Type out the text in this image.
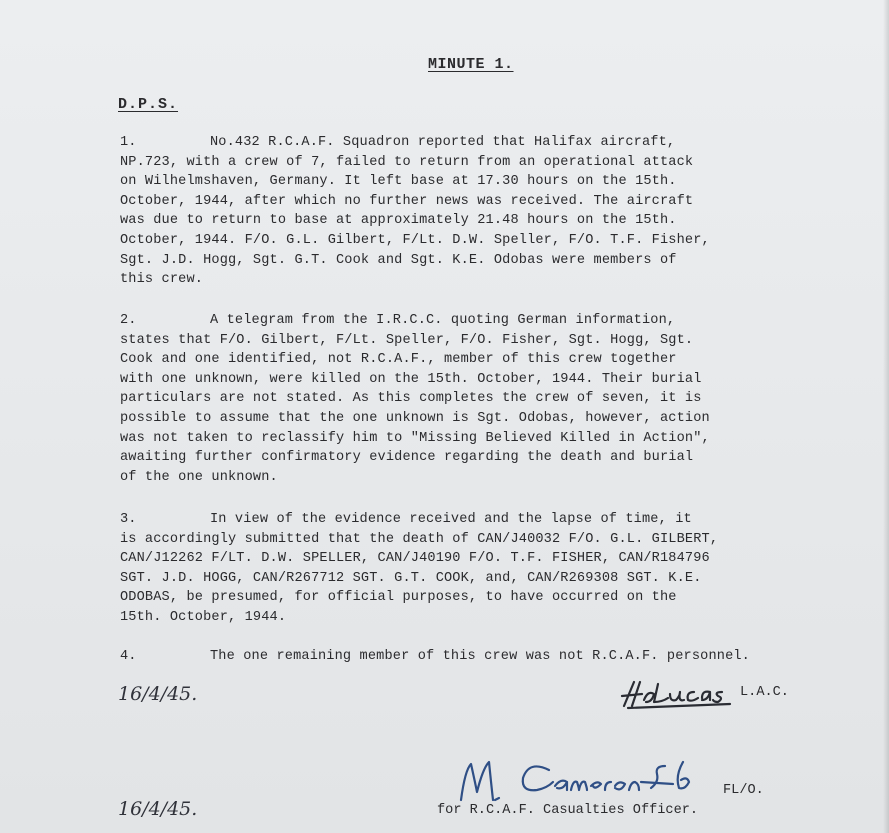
MINUTE 1.
D.P.S.
1.	No.432 R.C.A.F. Squadron reported that Halifax aircraft,
NP.723, with a crew of 7, failed to return from an operational attack
on Wilhelmshaven, Germany. It left base at 17.30 hours on the 15th.
October, 1944, after which no further news was received. The aircraft
was due to return to base at approximately 21.48 hours on the 15th.
October, 1944. F/O. G.L. Gilbert, F/Lt. D.W. Speller, F/O. T.F. Fisher,
Sgt. J.D. Hogg, Sgt. G.T. Cook and Sgt. K.E. Odobas were members of
this crew.
2.	A telegram from the I.R.C.C. quoting German information,
states that F/O. Gilbert, F/Lt. Speller, F/O. Fisher, Sgt. Hogg, Sgt.
Cook and one identified, not R.C.A.F., member of this crew together
with one unknown, were killed on the 15th. October, 1944. Their burial
particulars are not stated. As this completes the crew of seven, it is
possible to assume that the one unknown is Sgt. Odobas, however, action
was not taken to reclassify him to "Missing Believed Killed in Action",
awaiting further confirmatory evidence regarding the death and burial
of the one unknown.
3.	In view of the evidence received and the lapse of time, it
is accordingly submitted that the death of CAN/J40032 F/O. G.L. GILBERT,
CAN/J12262 F/LT. D.W. SPELLER, CAN/J40190 F/O. T.F. FISHER, CAN/R184796
SGT. J.D. HOGG, CAN/R267712 SGT. G.T. COOK, and, CAN/R269308 SGT. K.E.
ODOBAS, be presumed, for official purposes, to have occurred on the
15th. October, 1944.
4.	The one remaining member of this crew was not R.C.A.F. personnel.
16/4/45.	L.A.C.
FL/O.
16/4/45.	for R.C.A.F. Casualties Officer.
